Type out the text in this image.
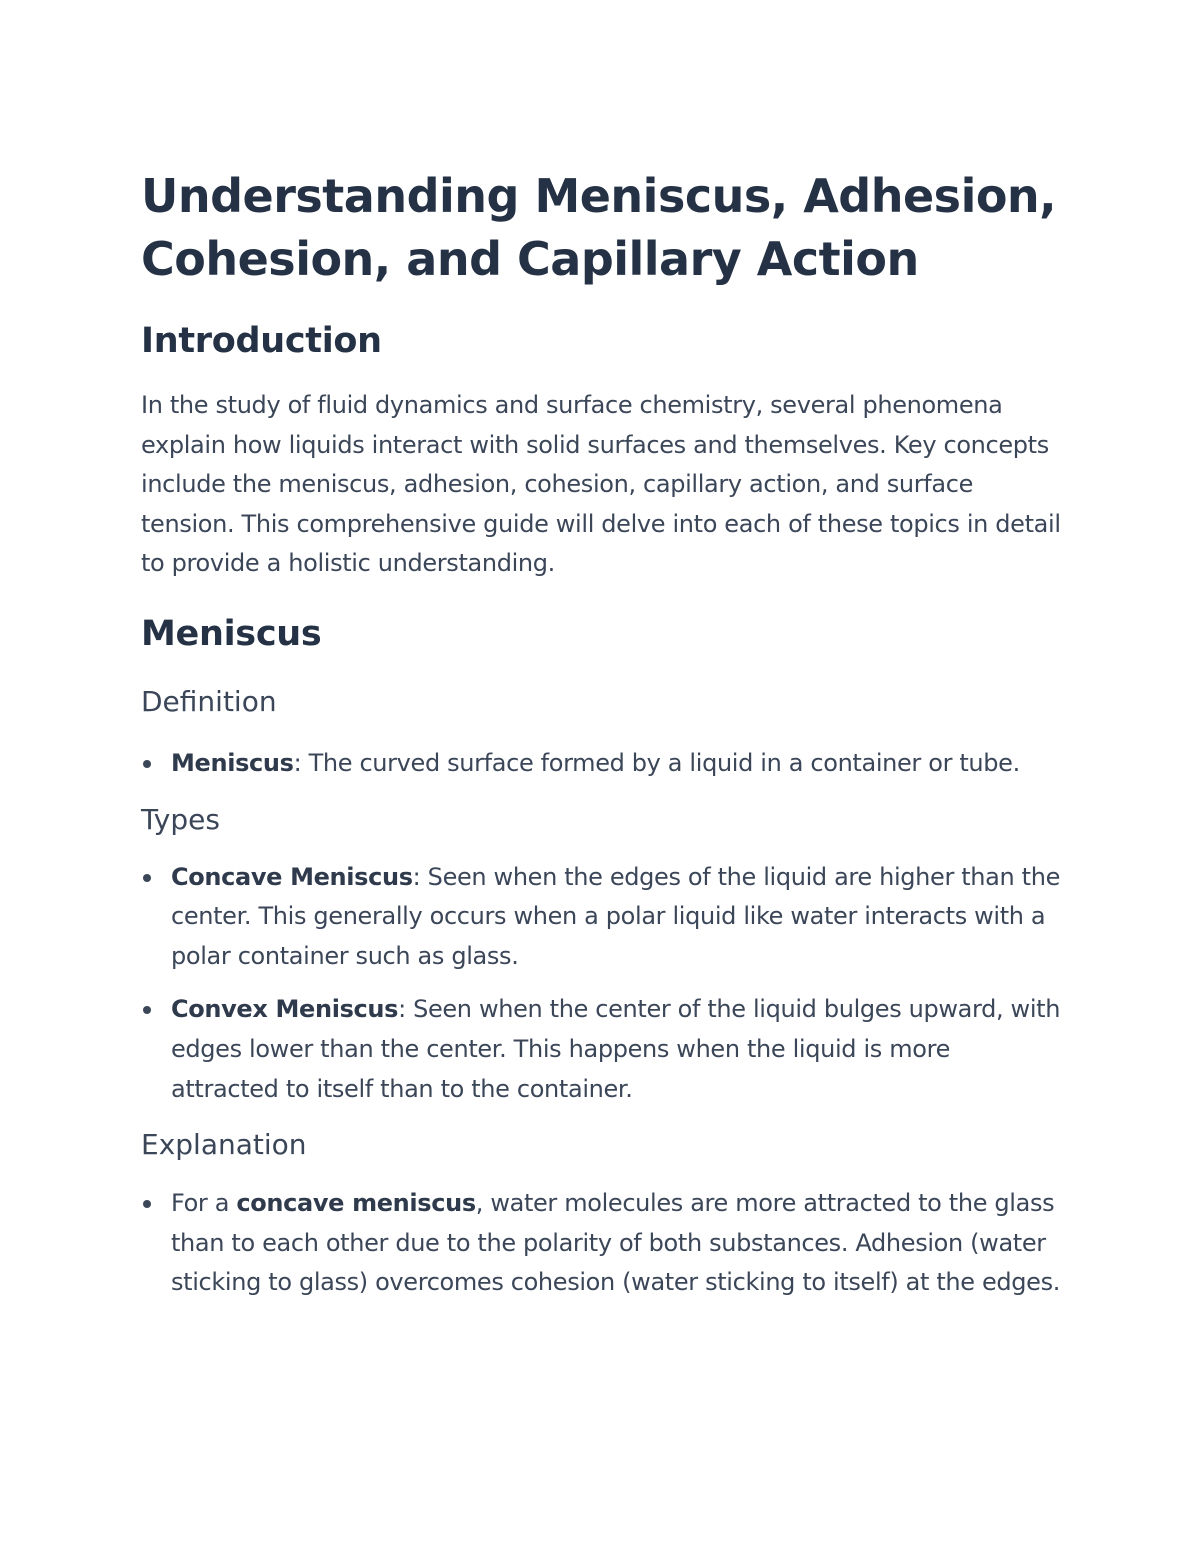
Understanding Meniscus, Adhesion, Cohesion, and Capillary Action
Introduction

In the study of fluid dynamics and surface chemistry, several phenomena explain how liquids interact with solid surfaces and themselves. Key concepts include the meniscus, adhesion, cohesion, capillary action, and surface tension. This comprehensive guide will delve into each of these topics in detail to provide a holistic understanding.

Meniscus
Definition
Meniscus: The curved surface formed by a liquid in a container or tube.
Types
Concave Meniscus: Seen when the edges of the liquid are higher than the center. This generally occurs when a polar liquid like water interacts with a polar container such as glass.
Convex Meniscus: Seen when the center of the liquid bulges upward, with edges lower than the center. This happens when the liquid is more attracted to itself than to the container.
Explanation
For a concave meniscus, water molecules are more attracted to the glass than to each other due to the polarity of both substances. Adhesion (water sticking to glass) overcomes cohesion (water sticking to itself) at the edges.
